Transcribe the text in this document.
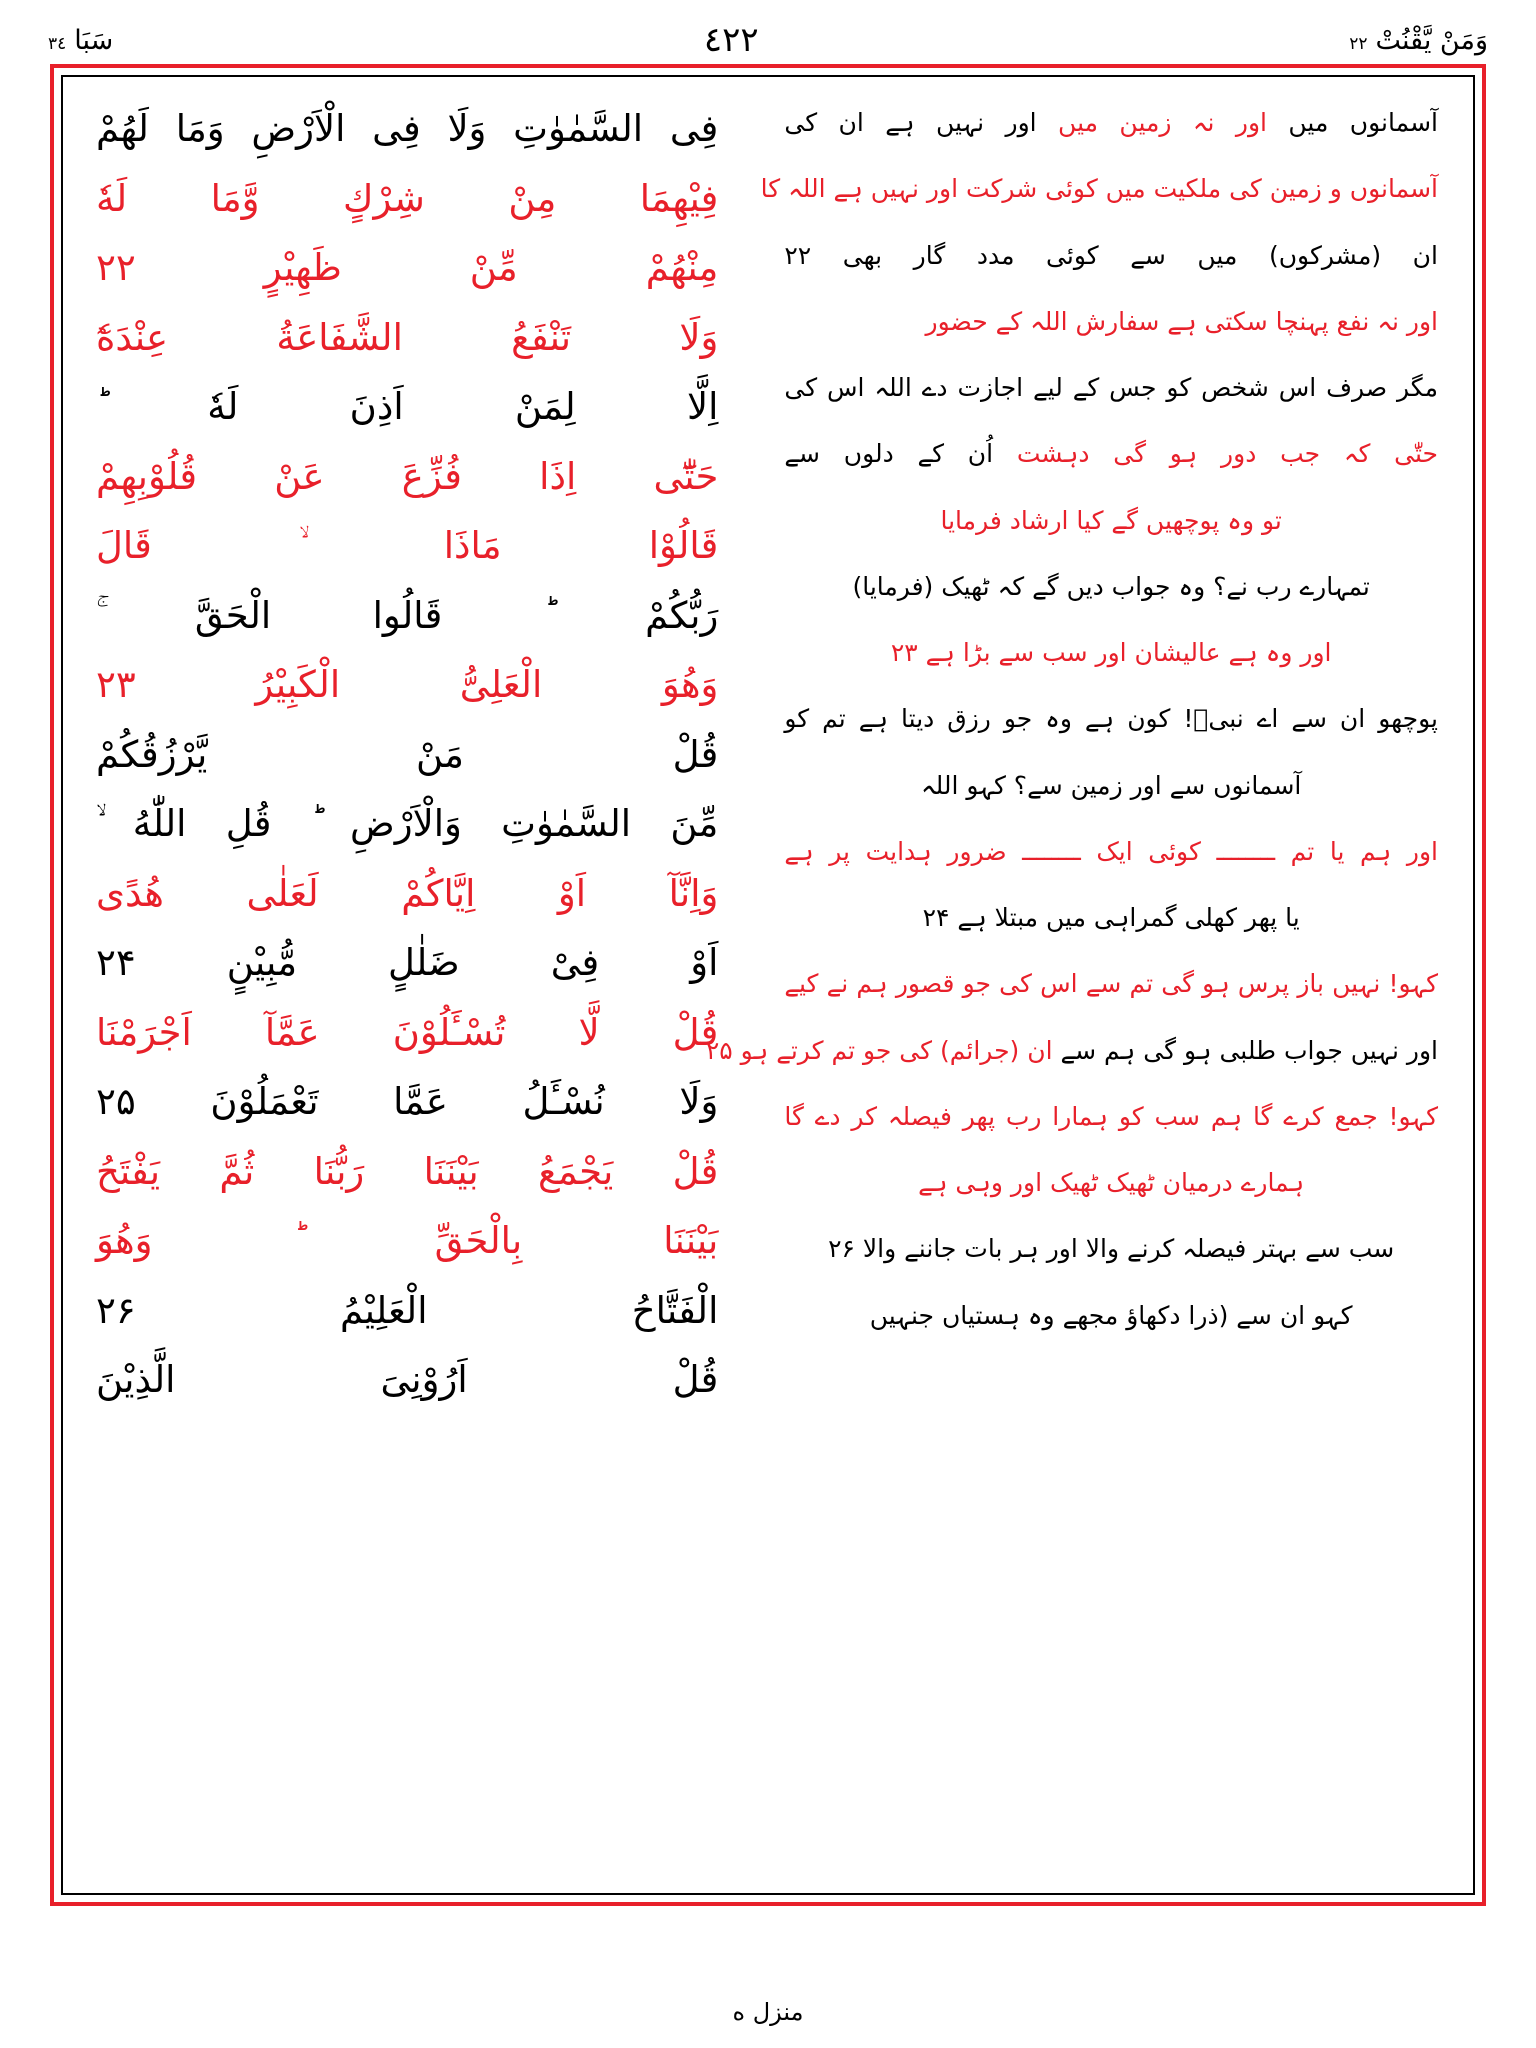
وَمَنْ يَّقْنُتْ
٢٢
٤٢٢
سَبَا
٣٤
فِى السَّمٰوٰتِ وَلَا فِى الْاَرْضِ وَمَا لَهُمْ
فِيْهِمَا مِنْ شِرْكٍ وَّمَا لَهٗ
مِنْهُمْ مِّنْ ظَهِيْرٍ ۲۲
وَلَا تَنْفَعُ الشَّفَاعَةُ عِنْدَهٗٓ
اِلَّا لِمَنْ اَذِنَ لَهٗ ؕ
حَتّٰٓى اِذَا فُزِّعَ عَنْ قُلُوْبِهِمْ
قَالُوْا مَاذَا ۙ قَالَ
رَبُّكُمْ ؕ قَالُوا الْحَقَّ ۚ
وَهُوَ الْعَلِىُّ الْكَبِيْرُ ۲۳
قُلْ مَنْ يَّرْزُقُكُمْ
مِّنَ السَّمٰوٰتِ وَالْاَرْضِ ؕ قُلِ اللّٰهُ ۙ
وَاِنَّآ اَوْ اِيَّاكُمْ لَعَلٰى هُدًى
اَوْ فِىْ ضَلٰلٍ مُّبِيْنٍ ۲۴
قُلْ لَّا تُسْـَٔلُوْنَ عَمَّآ اَجْرَمْنَا
وَلَا نُسْـَٔلُ عَمَّا تَعْمَلُوْنَ ۲۵
قُلْ يَجْمَعُ بَيْنَنَا رَبُّنَا ثُمَّ يَفْتَحُ
بَيْنَنَا بِالْحَقِّ ؕ وَهُوَ
الْفَتَّاحُ الْعَلِيْمُ ۲۶
قُلْ اَرُوْنِىَ الَّذِيْنَ
آسمانوں میں اور نہ زمین میں اور نہیں ہے ان کی
آسمانوں و زمین کی ملکیت میں کوئی شرکت اور نہیں ہے اللہ کا
ان (مشرکوں) میں سے کوئی مدد گار بھی ۲۲
اور نہ نفع پہنچا سکتی ہے سفارش اللہ کے حضور
مگر صرف اس شخص کو جس کے لیے اجازت دے اللہ اس کی
حتّٰی کہ جب دور ہو گی دہشت اُن کے دلوں سے
تو وہ پوچھیں گے کیا ارشاد فرمایا
تمہارے رب نے؟ وہ جواب دیں گے کہ ٹھیک (فرمایا)
اور وہ ہے عالیشان اور سب سے بڑا ہے ۲۳
پوچھو ان سے اے نبیؐ! کون ہے وہ جو رزق دیتا ہے تم کو
آسمانوں سے اور زمین سے؟ کہو اللہ
اور ہم یا تم ــــــــ کوئی ایک ــــــــ ضرور ہدایت پر ہے
یا پھر کھلی گمراہی میں مبتلا ہے ۲۴
کہو! نہیں باز پرس ہو گی تم سے اس کی جو قصور ہم نے کیے
اور نہیں جواب طلبی ہو گی ہم سے ان (جرائم) کی جو تم کرتے ہو ۲۵
کہو! جمع کرے گا ہم سب کو ہمارا رب پھر فیصلہ کر دے گا
ہمارے درمیان ٹھیک ٹھیک اور وہی ہے
سب سے بہتر فیصلہ کرنے والا اور ہر بات جاننے والا ۲۶
کہو ان سے (ذرا دکھاؤ مجھے وہ ہستیاں جنہیں
منزل ه
